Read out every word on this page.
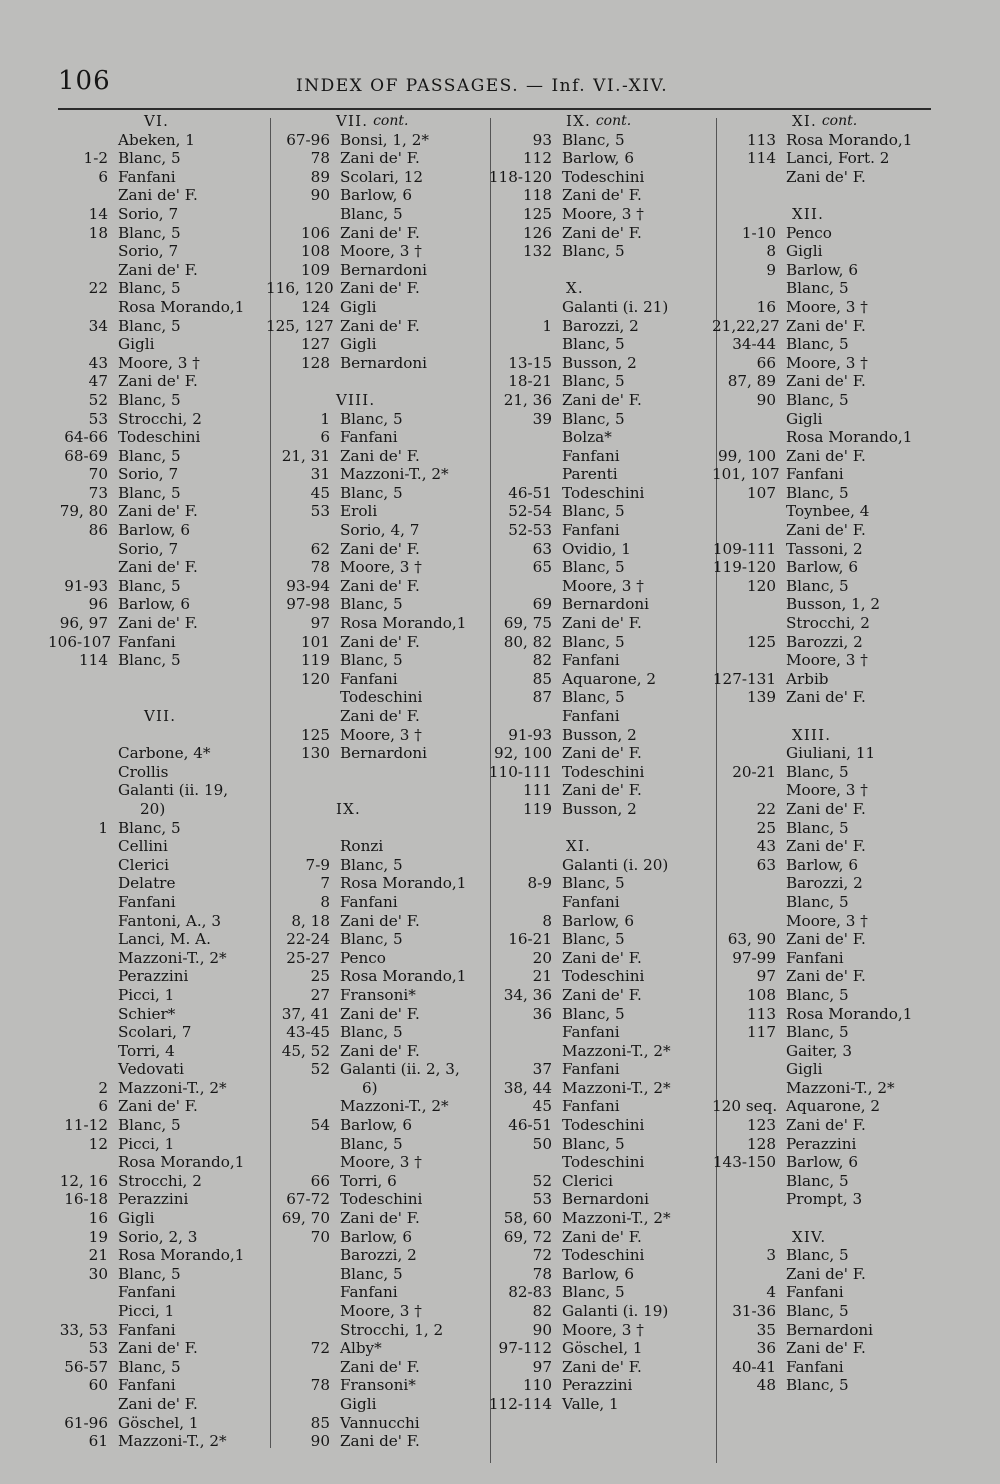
106	INDEX OF PASSAGES. — Inf. VI.-XIV.
VI.
Abeken, 1
1-2 Blanc, 5
6 Fanfani
Zani de' F.
14 Sorio, 7
18 Blanc, 5
Sorio, 7
Zani de' F.
22 Blanc, 5
Rosa Morando,1
34 Blanc, 5
Gigli
43 Moore, 3 †
47 Zani de' F.
52 Blanc, 5
53 Strocchi, 2
64-66 Todeschini
68-69 Blanc, 5
70 Sorio, 7
73 Blanc, 5
79, 80 Zani de' F.
86 Barlow, 6
Sorio, 7
Zani de' F.
91-93 Blanc, 5
96 Barlow, 6
96, 97 Zani de' F.
106-107 Fanfani
114 Blanc, 5
VII.
Carbone, 4*
Crollis
Galanti (ii. 19,
20)
1 Blanc, 5
Cellini
Clerici
Delatre
Fanfani
Fantoni, A., 3
Lanci, M. A.
Mazzoni-T., 2*
Perazzini
Picci, 1
Schier*
Scolari, 7
Torri, 4
Vedovati
2 Mazzoni-T., 2*
6 Zani de' F.
11-12 Blanc, 5
12 Picci, 1
Rosa Morando,1
12, 16 Strocchi, 2
16-18 Perazzini
16 Gigli
19 Sorio, 2, 3
21 Rosa Morando,1
30 Blanc, 5
Fanfani
Picci, 1
33, 53 Fanfani
53 Zani de' F.
56-57 Blanc, 5
60 Fanfani
Zani de' F.
61-96 Göschel, 1
61 Mazzoni-T., 2*
VII.
cont.
67-96 Bonsi, 1, 2*
78 Zani de' F.
89 Scolari, 12
90 Barlow, 6
Blanc, 5
106 Zani de' F.
108 Moore, 3 †
109 Bernardoni
116, 120 Zani de' F.
124 Gigli
125, 127 Zani de' F.
127 Gigli
128 Bernardoni
VIII.
1 Blanc, 5
6 Fanfani
21, 31 Zani de' F.
31 Mazzoni-T., 2*
45 Blanc, 5
53 Eroli
Sorio, 4, 7
62 Zani de' F.
78 Moore, 3 †
93-94 Zani de' F.
97-98 Blanc, 5
97 Rosa Morando,1
101 Zani de' F.
119 Blanc, 5
120 Fanfani
Todeschini
Zani de' F.
125 Moore, 3 †
130 Bernardoni
IX.
Ronzi
7-9 Blanc, 5
7 Rosa Morando,1
8 Fanfani
8, 18 Zani de' F.
22-24 Blanc, 5
25-27 Penco
25 Rosa Morando,1
27 Fransoni*
37, 41 Zani de' F.
43-45 Blanc, 5
45, 52 Zani de' F.
52 Galanti (ii. 2, 3,
6)
Mazzoni-T., 2*
54 Barlow, 6
Blanc, 5
Moore, 3 †
66 Torri, 6
67-72 Todeschini
69, 70 Zani de' F.
70 Barlow, 6
Barozzi, 2
Blanc, 5
Fanfani
Moore, 3 †
Strocchi, 1, 2
72 Alby*
Zani de' F.
78 Fransoni*
Gigli
85 Vannucchi
90 Zani de' F.
IX.
cont.
93 Blanc, 5
112 Barlow, 6
118-120 Todeschini
118 Zani de' F.
125 Moore, 3 †
126 Zani de' F.
132 Blanc, 5
X.
Galanti (i. 21)
1 Barozzi, 2
Blanc, 5
13-15 Busson, 2
18-21 Blanc, 5
21, 36 Zani de' F.
39 Blanc, 5
Bolza*
Fanfani
Parenti
46-51 Todeschini
52-54 Blanc, 5
52-53 Fanfani
63 Ovidio, 1
65 Blanc, 5
Moore, 3 †
69 Bernardoni
69, 75 Zani de' F.
80, 82 Blanc, 5
82 Fanfani
85 Aquarone, 2
87 Blanc, 5
Fanfani
91-93 Busson, 2
92, 100 Zani de' F.
110-111 Todeschini
111 Zani de' F.
119 Busson, 2
XI.
Galanti (i. 20)
8-9 Blanc, 5
Fanfani
8 Barlow, 6
16-21 Blanc, 5
20 Zani de' F.
21 Todeschini
34, 36 Zani de' F.
36 Blanc, 5
Fanfani
Mazzoni-T., 2*
37 Fanfani
38, 44 Mazzoni-T., 2*
45 Fanfani
46-51 Todeschini
50 Blanc, 5
Todeschini
52 Clerici
53 Bernardoni
58, 60 Mazzoni-T., 2*
69, 72 Zani de' F.
72 Todeschini
78 Barlow, 6
82-83 Blanc, 5
82 Galanti (i. 19)
90 Moore, 3 †
97-112 Göschel, 1
97 Zani de' F.
110 Perazzini
112-114 Valle, 1
XI.
cont.
113 Rosa Morando,1
114 Lanci, Fort. 2
Zani de' F.
XII.
1-10 Penco
8 Gigli
9 Barlow, 6
Blanc, 5
16 Moore, 3 †
21,22,27 Zani de' F.
34-44 Blanc, 5
66 Moore, 3 †
87, 89 Zani de' F.
90 Blanc, 5
Gigli
Rosa Morando,1
99, 100 Zani de' F.
101, 107 Fanfani
107 Blanc, 5
Toynbee, 4
Zani de' F.
109-111 Tassoni, 2
119-120 Barlow, 6
120 Blanc, 5
Busson, 1, 2
Strocchi, 2
125 Barozzi, 2
Moore, 3 †
127-131 Arbib
139 Zani de' F.
XIII.
Giuliani, 11
20-21 Blanc, 5
Moore, 3 †
22 Zani de' F.
25 Blanc, 5
43 Zani de' F.
63 Barlow, 6
Barozzi, 2
Blanc, 5
Moore, 3 †
63, 90 Zani de' F.
97-99 Fanfani
97 Zani de' F.
108 Blanc, 5
113 Rosa Morando,1
117 Blanc, 5
Gaiter, 3
Gigli
Mazzoni-T., 2*
120 seq. Aquarone, 2
123 Zani de' F.
128 Perazzini
143-150 Barlow, 6
Blanc, 5
Prompt, 3
XIV.
3 Blanc, 5
Zani de' F.
4 Fanfani
31-36 Blanc, 5
35 Bernardoni
36 Zani de' F.
40-41 Fanfani
48 Blanc, 5
